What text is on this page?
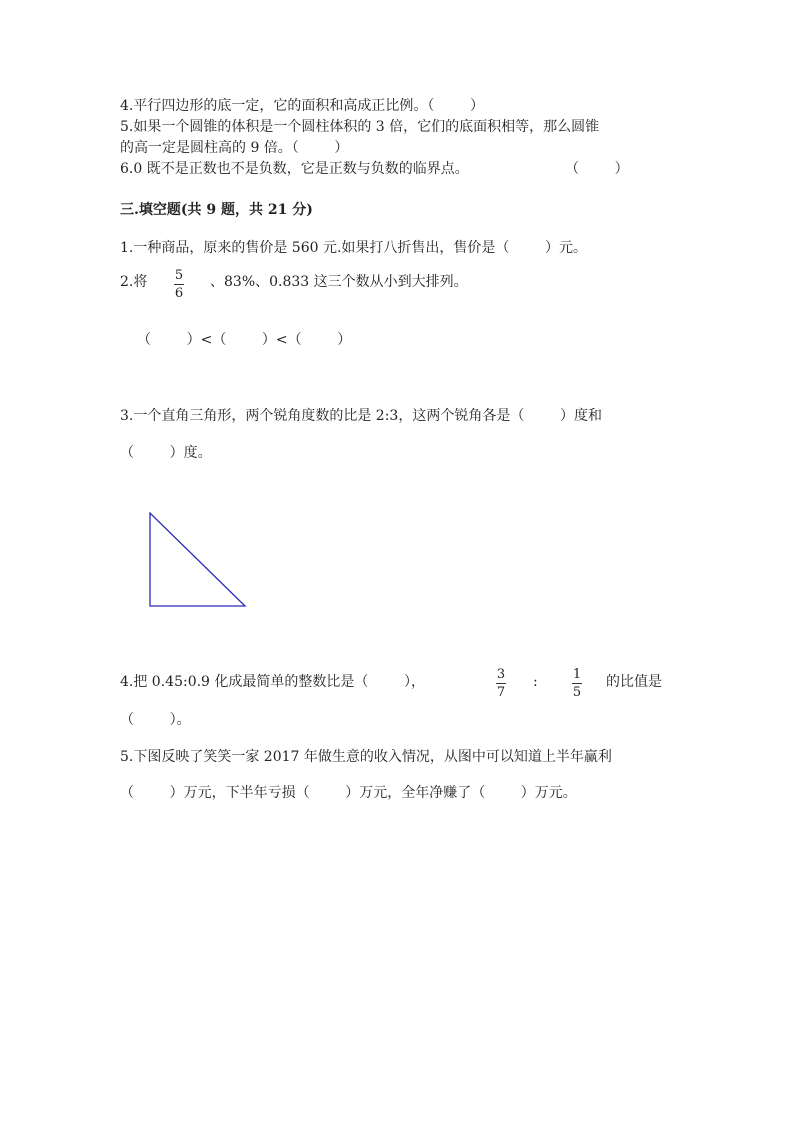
4.平行四边形的底一定，它的面积和高成正比例。（        ）
5.如果一个圆锥的体积是一个圆柱体积的 3 倍，它们的底面积相等，那么圆锥
的高一定是圆柱高的 9 倍。（        ）
6.0 既不是正数也不是负数，它是正数与负数的临界点。	（        ）
三.填空题(共 9 题，共 21 分)
1.一种商品，原来的售价是 560 元.如果打八折售出，售价是（        ）元。
2.将 5
6
、83%、0.833 这三个数从小到大排列。
（        ）<（        ）<（        ）
3.一个直角三角形，两个锐角度数的比是 2:3，这两个锐角各是（        ）度和
（        ）度。
4.把 0.45:0.9 化成最简单的整数比是（        ），	3
7
:	1
5
的比值是
（        ）。
5.下图反映了笑笑一家 2017 年做生意的收入情况，从图中可以知道上半年赢利
（        ）万元，下半年亏损（        ）万元，全年净赚了（        ）万元。
